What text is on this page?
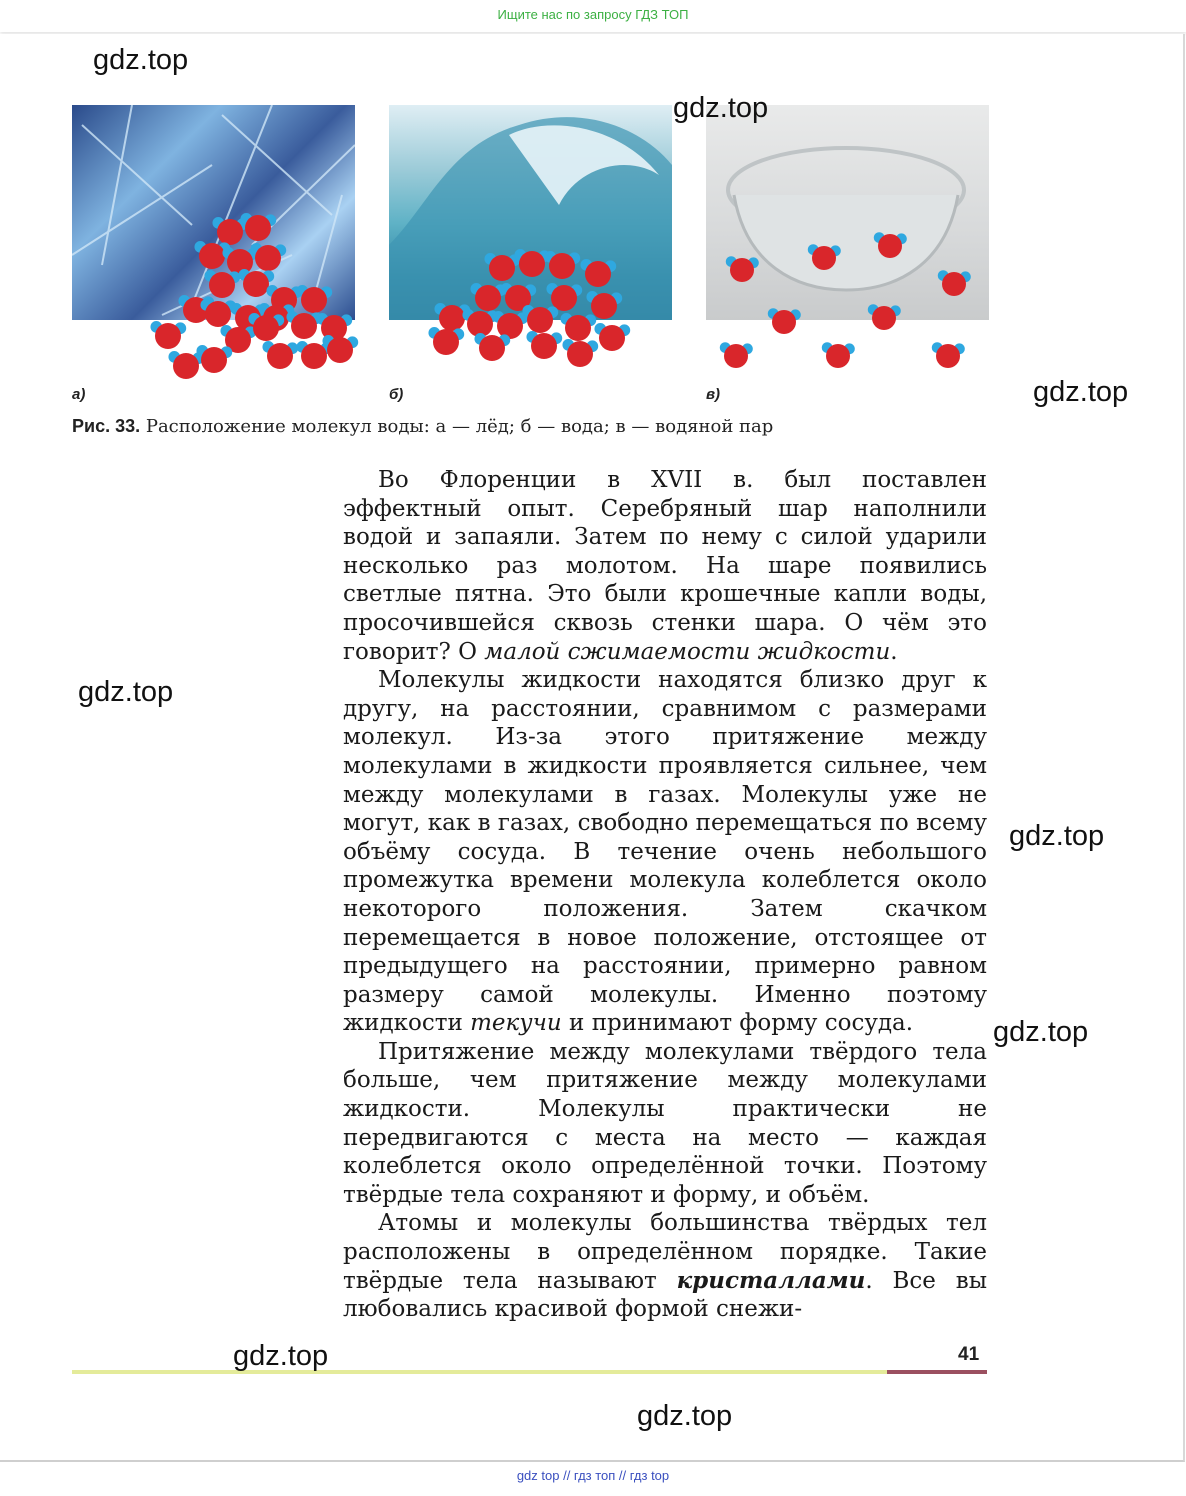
Ищите нас по запросу ГДЗ ТОП
а)	б)	в)
Рис. 33. Расположение молекул воды: а — лёд; б — вода; в — водяной пар

Во Флоренции в XVII в. был поставлен эффектный опыт. Серебряный шар наполнили водой и запаяли. Затем по нему с силой ударили несколько раз молотом. На шаре появились светлые пятна. Это были крошечные капли воды, просочившейся сквозь стенки шара. О чём это говорит? О малой сжимаемости жидкости.

Молекулы жидкости находятся близко друг к другу, на расстоянии, сравнимом с размерами молекул. Из-за этого притяжение между молекулами в жидкости проявляется сильнее, чем между молекулами в газах. Молекулы уже не могут, как в газах, свободно перемещаться по всему объёму сосуда. В течение очень небольшого промежутка времени молекула колеблется около некоторого положения. Затем скачком перемещается в новое положение, отстоящее от предыдущего на расстоянии, примерно равном размеру самой молекулы. Именно поэтому жидкости текучи и принимают форму сосуда.

Притяжение между молекулами твёрдого тела больше, чем притяжение между молекулами жидкости. Молекулы практически не передвигаются с места на место — каждая колеблется около определённой точки. Поэтому твёрдые тела сохраняют и форму, и объём.

Атомы и молекулы большинства твёрдых тел расположены в определённом порядке. Такие твёрдые тела называют кристаллами. Все вы любовались красивой формой снежи-

41
gdz.top
gdz.top
gdz.top
gdz.top
gdz.top
gdz.top
gdz.top
gdz.top
gdz top // гдз топ // гдз top
